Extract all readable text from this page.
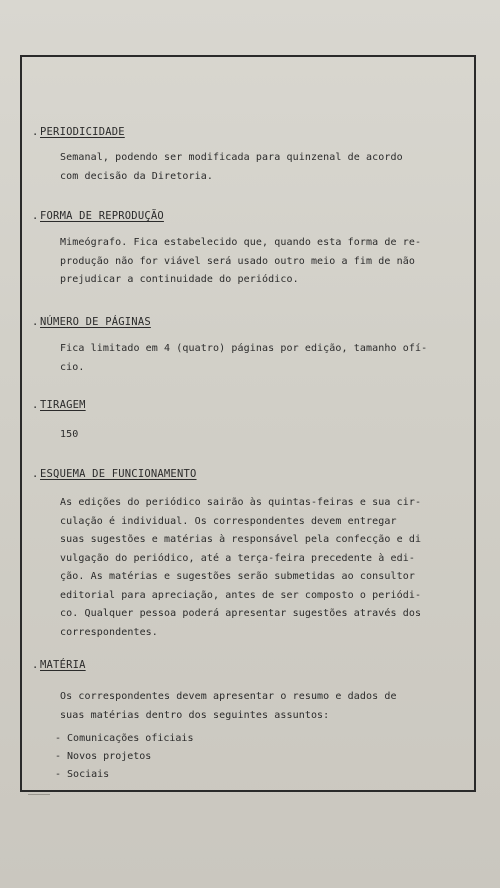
.PERIODICIDADE
Semanal, podendo ser modificada para quinzenal de acordo
com decisão da Diretoria.
.FORMA DE REPRODUÇÃO
Mimeógrafo. Fica estabelecido que, quando esta forma de re-
produção não for viável será usado outro meio a fim de não
prejudicar a continuidade do periódico.
.NÚMERO DE PÁGINAS
Fica limitado em 4 (quatro) páginas por edição, tamanho ofí-
cio.
.TIRAGEM
150
.ESQUEMA DE FUNCIONAMENTO
As edições do periódico sairão às quintas-feiras e sua cir-
culação é individual. Os correspondentes devem entregar
suas sugestões e matérias à responsável pela confecção e di
vulgação do periódico, até a terça-feira precedente à edi-
ção. As matérias e sugestões serão submetidas ao consultor
editorial para apreciação, antes de ser composto o periódi-
co. Qualquer pessoa poderá apresentar sugestões através dos
correspondentes.
.MATÉRIA
Os correspondentes devem apresentar o resumo e dados de
suas matérias dentro dos seguintes assuntos:
- Comunicações oficiais
- Novos projetos
- Sociais
